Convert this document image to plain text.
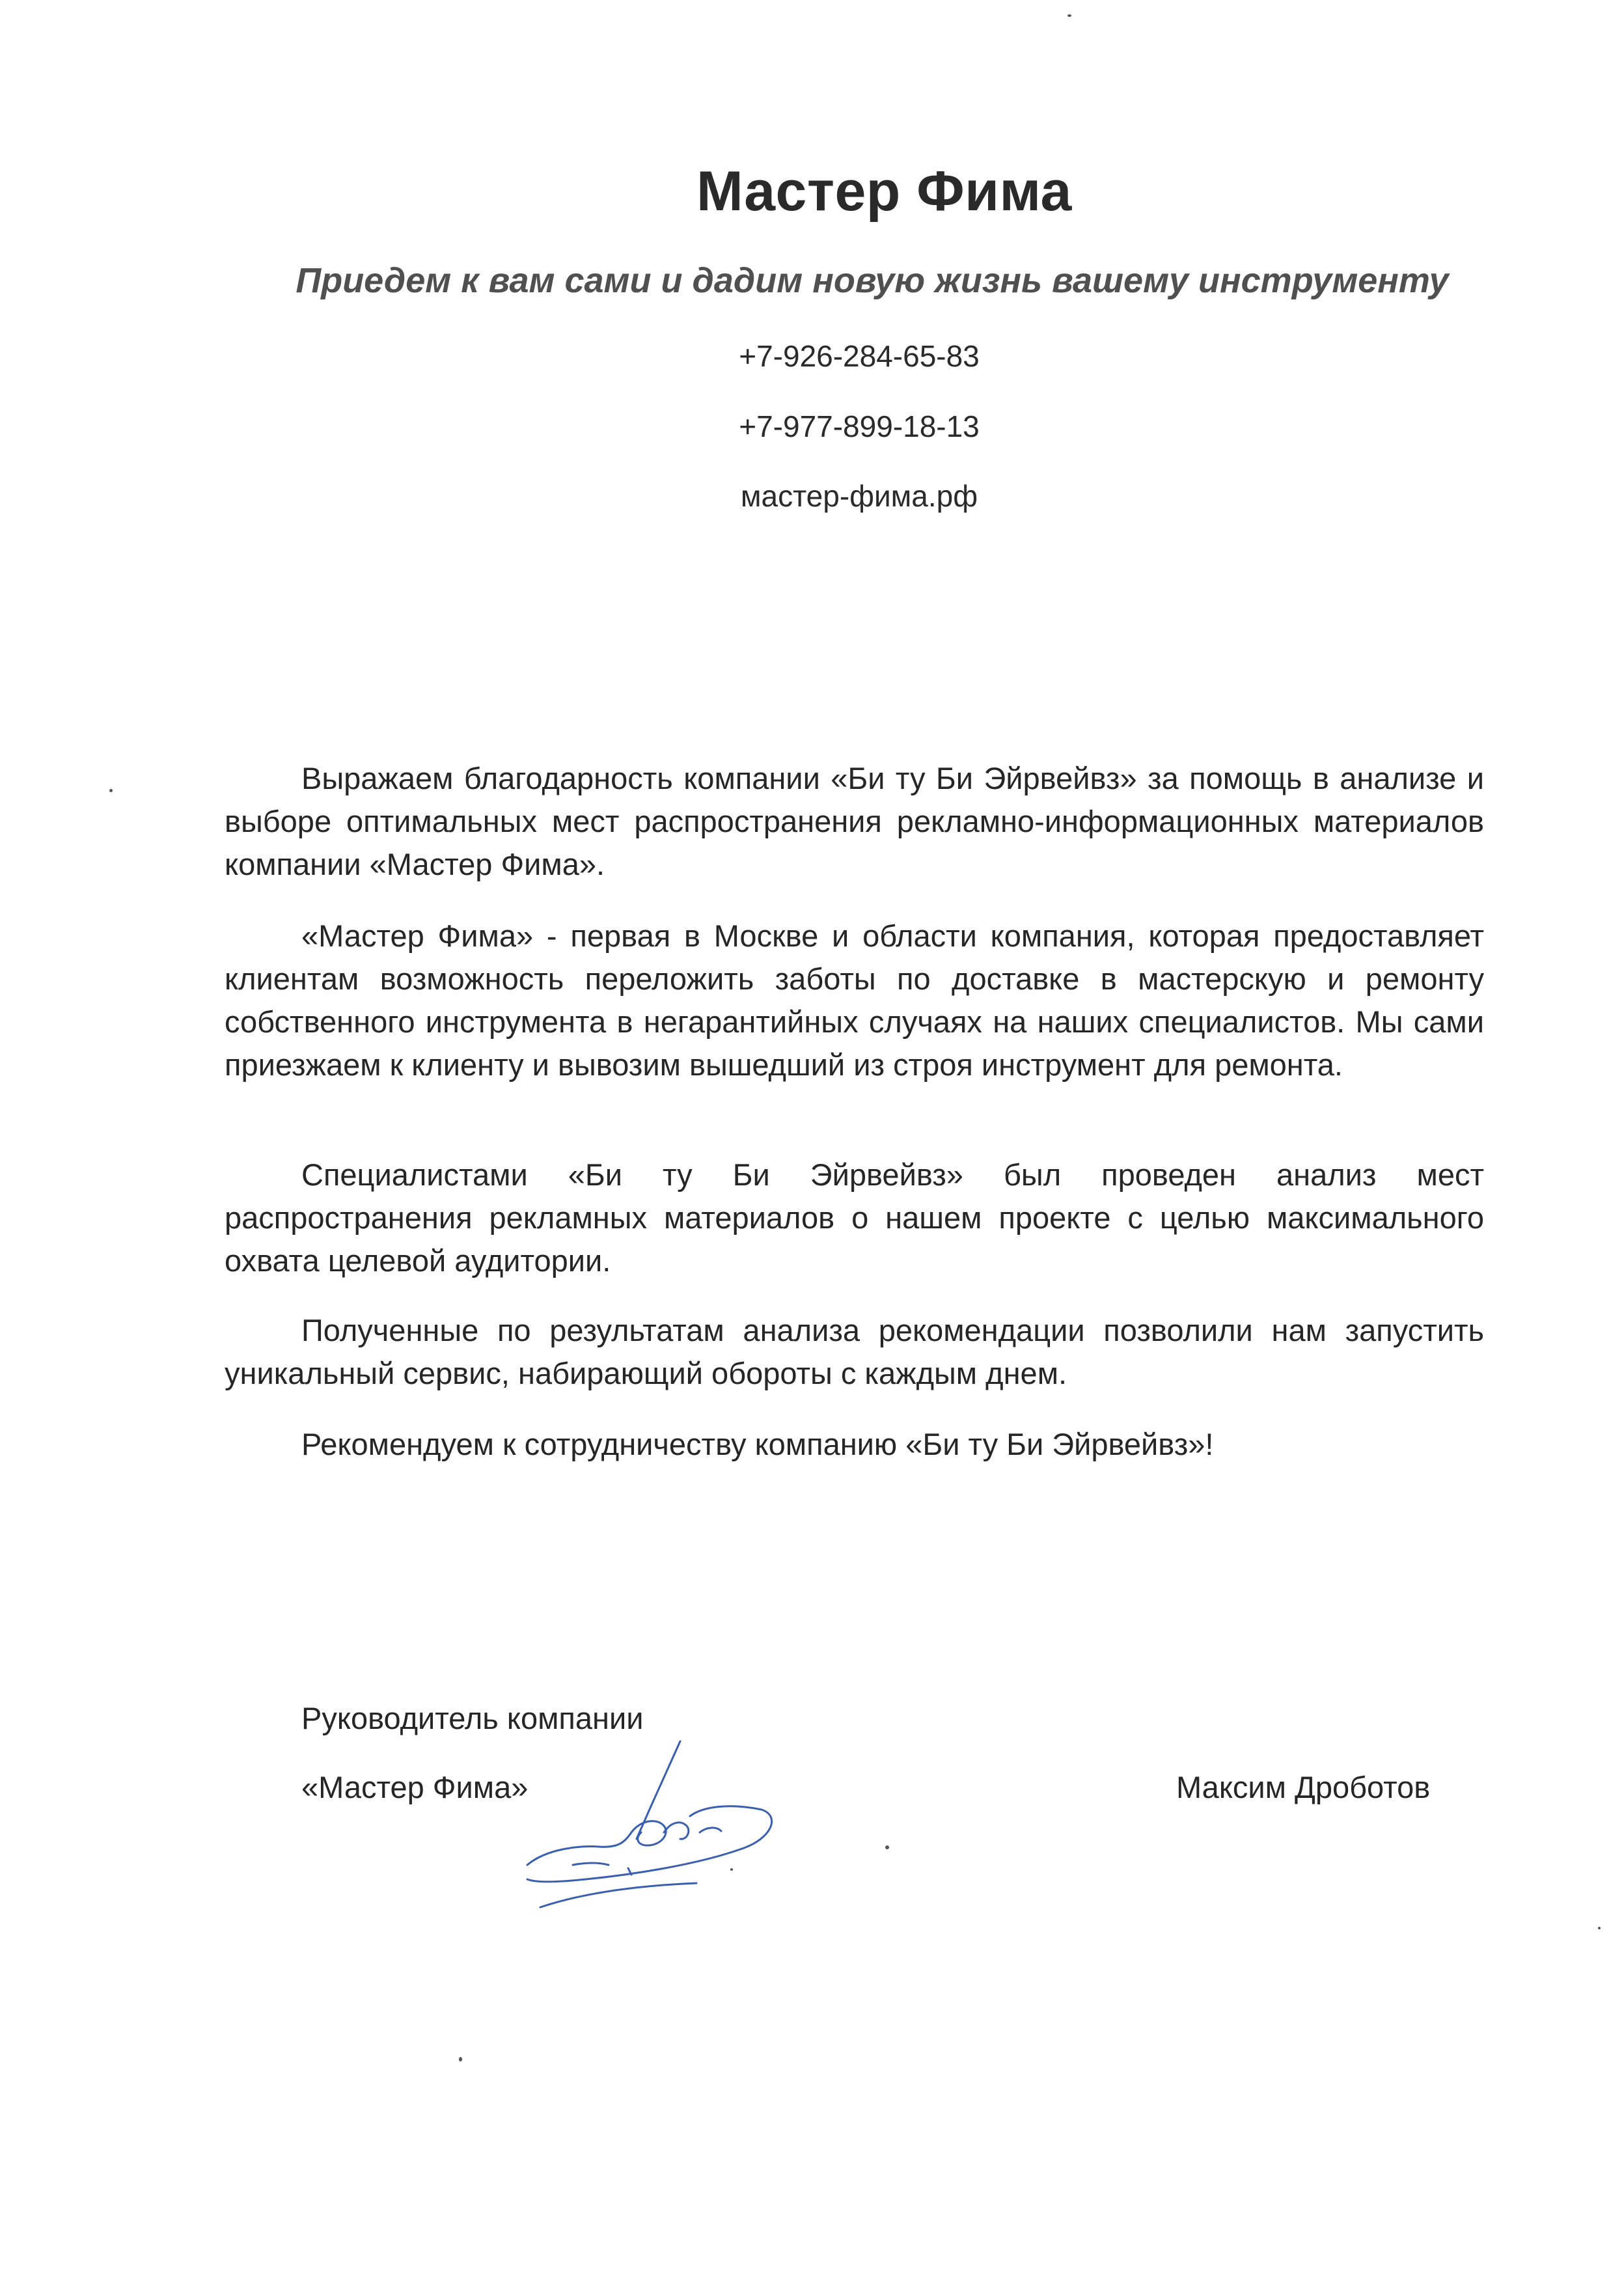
Мастер Фима
Приедем к вам сами и дадим новую жизнь вашему инструменту
+7-926-284-65-83
+7-977-899-18-13
мастер-фима.рф

Выражаем благодарность компании «Би ту Би Эйрвейвз» за помощь в анализе и выборе оптимальных мест распространения рекламно-информационных материалов компании «Мастер Фима».

«Мастер Фима» - первая в Москве и области компания, которая предоставляет клиентам возможность переложить заботы по доставке в мастерскую и ремонту собственного инструмента в негарантийных случаях на наших специалистов. Мы сами приезжаем к клиенту и вывозим вышедший из строя инструмент для ремонта.

Специалистами «Би ту Би Эйрвейвз» был проведен анализ мест распространения рекламных материалов о нашем проекте с целью максимального охвата целевой аудитории.

Полученные по результатам анализа рекомендации позволили нам запустить уникальный сервис, набирающий обороты с каждым днем.

Рекомендуем к сотрудничеству компанию «Би ту Би Эйрвейвз»!

Руководитель компании
«Мастер Фима»	Максим Дроботов
